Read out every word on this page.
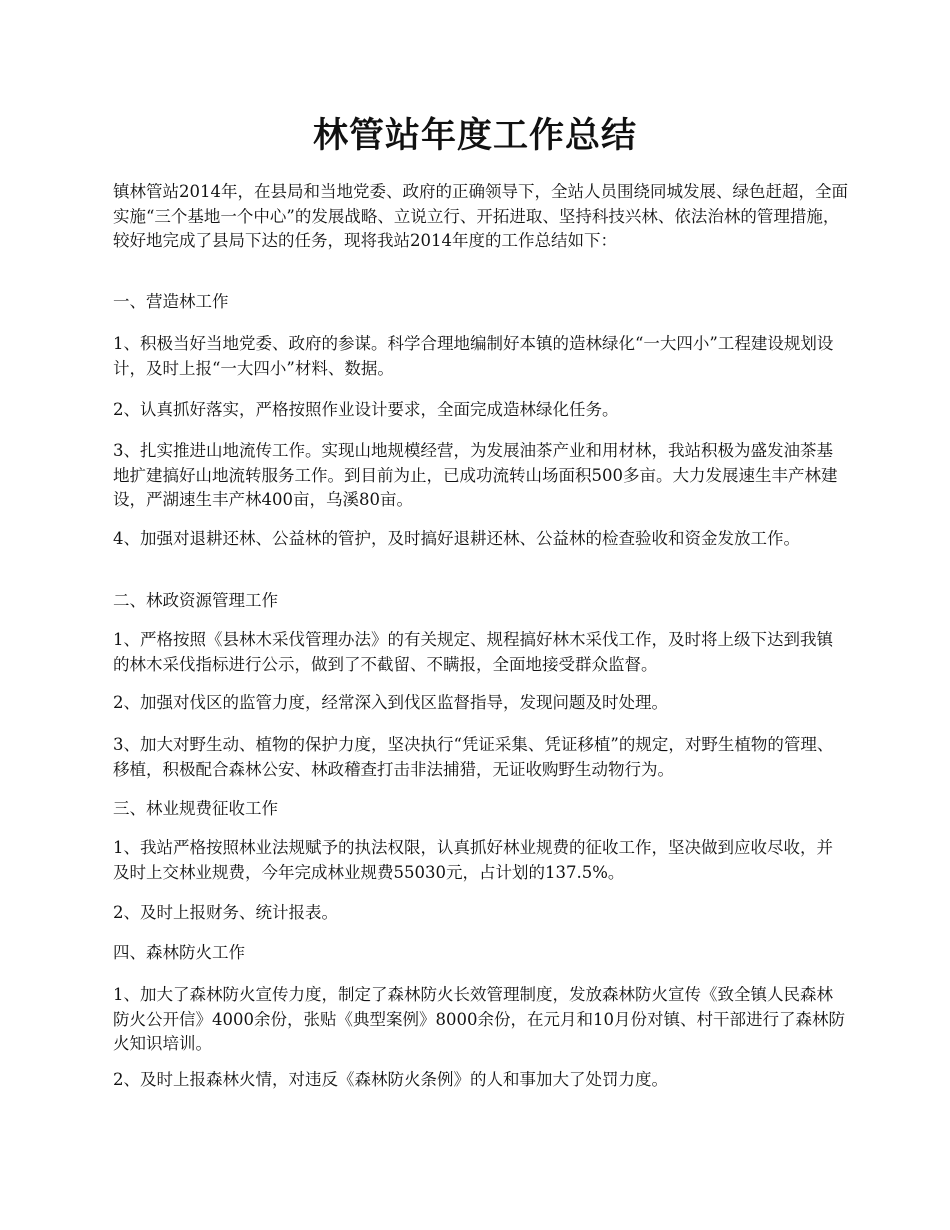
林管站年度工作总结

镇林管站2014年，在县局和当地党委、政府的正确领导下，全站人员围绕同城发展、绿色赶超，全面实施“三个基地一个中心”的发展战略、立说立行、开拓进取、坚持科技兴林、依法治林的管理措施，较好地完成了县局下达的任务，现将我站2014年度的工作总结如下：

一、营造林工作

1、积极当好当地党委、政府的参谋。科学合理地编制好本镇的造林绿化“一大四小”工程建设规划设计，及时上报“一大四小”材料、数据。

2、认真抓好落实，严格按照作业设计要求，全面完成造林绿化任务。

3、扎实推进山地流传工作。实现山地规模经营，为发展油茶产业和用材林，我站积极为盛发油茶基地扩建搞好山地流转服务工作。到目前为止，已成功流转山场面积500多亩。大力发展速生丰产林建设，严湖速生丰产林400亩，乌溪80亩。

4、加强对退耕还林、公益林的管护，及时搞好退耕还林、公益林的检查验收和资金发放工作。

二、林政资源管理工作

1、严格按照《县林木采伐管理办法》的有关规定、规程搞好林木采伐工作，及时将上级下达到我镇的林木采伐指标进行公示，做到了不截留、不瞒报，全面地接受群众监督。

2、加强对伐区的监管力度，经常深入到伐区监督指导，发现问题及时处理。

3、加大对野生动、植物的保护力度，坚决执行“凭证采集、凭证移植”的规定，对野生植物的管理、移植，积极配合森林公安、林政稽查打击非法捕猎，无证收购野生动物行为。

三、林业规费征收工作

1、我站严格按照林业法规赋予的执法权限，认真抓好林业规费的征收工作，坚决做到应收尽收，并及时上交林业规费，今年完成林业规费55030元，占计划的137.5%。

2、及时上报财务、统计报表。

四、森林防火工作

1、加大了森林防火宣传力度，制定了森林防火长效管理制度，发放森林防火宣传《致全镇人民森林防火公开信》4000余份，张贴《典型案例》8000余份，在元月和10月份对镇、村干部进行了森林防火知识培训。

2、及时上报森林火情，对违反《森林防火条例》的人和事加大了处罚力度。
